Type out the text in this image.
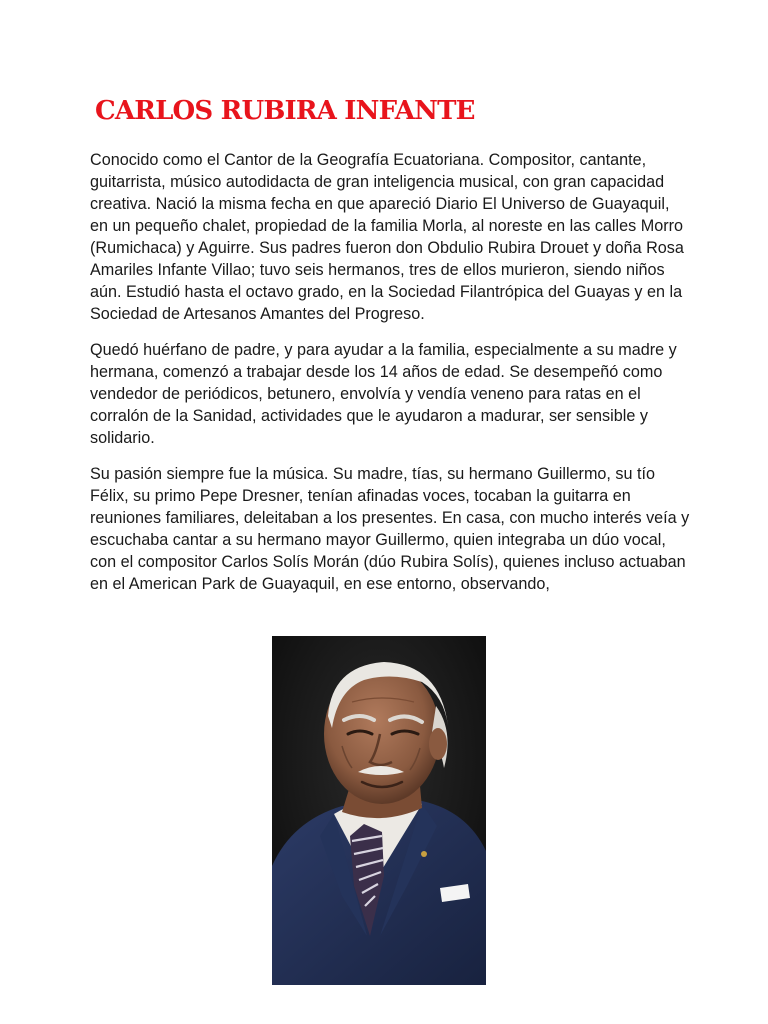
CARLOS RUBIRA INFANTE

Conocido como el Cantor de la Geografía Ecuatoriana. Compositor, cantante, guitarrista, músico autodidacta de gran inteligencia musical, con gran capacidad creativa. Nació la misma fecha en que apareció Diario El Universo de Guayaquil, en un pequeño chalet, propiedad de la familia Morla, al noreste en las calles Morro (Rumichaca) y Aguirre. Sus padres fueron don Obdulio Rubira Drouet y doña Rosa Amariles Infante Villao; tuvo seis hermanos, tres de ellos murieron, siendo niños aún. Estudió hasta el octavo grado, en la Sociedad Filantrópica del Guayas y en la Sociedad de Artesanos Amantes del Progreso.

Quedó huérfano de padre, y para ayudar a la familia, especialmente a su madre y hermana, comenzó a trabajar desde los 14 años de edad. Se desempeñó como vendedor de periódicos, betunero, envolvía y vendía veneno para ratas en el corralón de la Sanidad, actividades que le ayudaron a madurar, ser sensible y solidario.

Su pasión siempre fue la música. Su madre, tías, su hermano Guillermo, su tío Félix, su primo Pepe Dresner, tenían afinadas voces, tocaban la guitarra en reuniones familiares, deleitaban a los presentes. En casa, con mucho interés veía y escuchaba cantar a su hermano mayor Guillermo, quien integraba un dúo vocal, con el compositor Carlos Solís Morán (dúo Rubira Solís), quienes incluso actuaban en el American Park de Guayaquil, en ese entorno, observando,
